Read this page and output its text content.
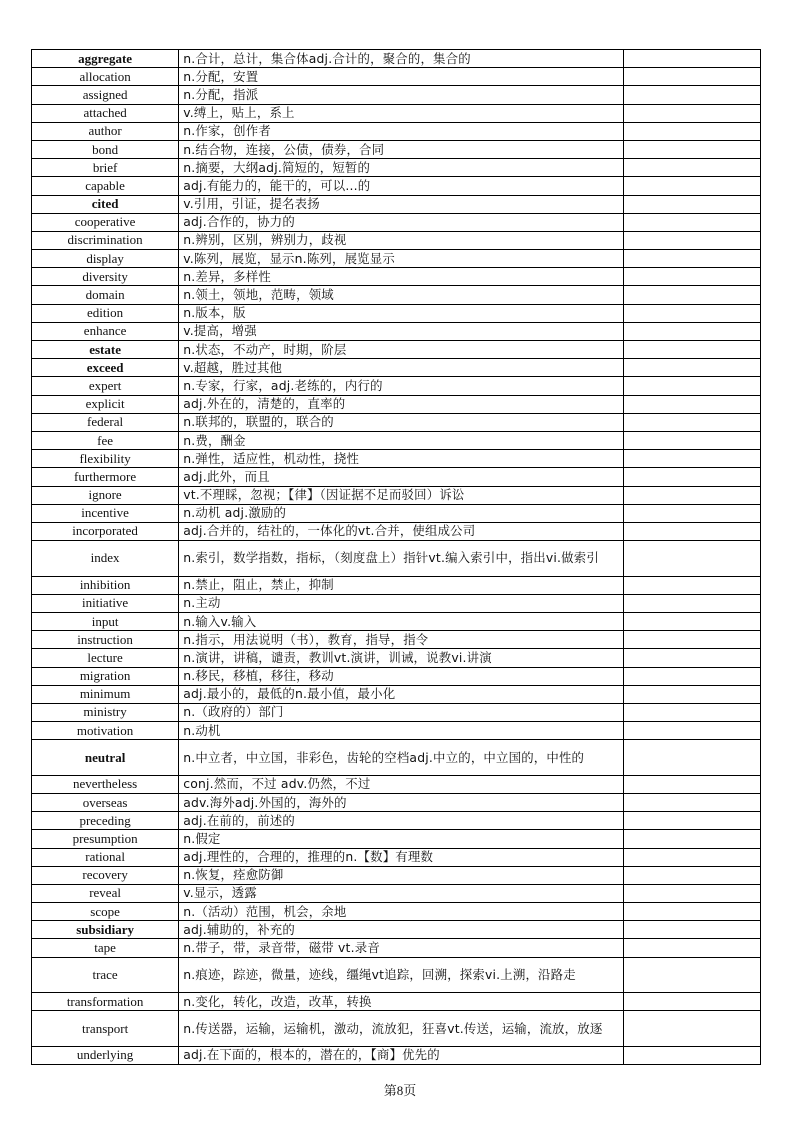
aggregate	n.合计，总计，集合体adj.合计的，聚合的，集合的	
allocation	n.分配，安置	
assigned	n.分配，指派	
attached	v.缚上，贴上，系上	
author	n.作家，创作者	
bond	n.结合物，连接，公债，债券，合同	
brief	n.摘要，大纲adj.简短的，短暂的	
capable	adj.有能力的，能干的，可以...的	
cited	v.引用，引证，提名表扬	
cooperative	adj.合作的，协力的	
discrimination	n.辨别，区别，辨别力，歧视	
display	v.陈列，展览，显示n.陈列，展览显示	
diversity	n.差异，多样性	
domain	n.领土，领地，范畴，领域	
edition	n.版本，版	
enhance	v.提高，增强	
estate	n.状态，不动产，时期，阶层	
exceed	v.超越，胜过其他	
expert	n.专家，行家，adj.老练的，内行的	
explicit	adj.外在的，清楚的，直率的	
federal	n.联邦的，联盟的，联合的	
fee	n.费，酬金	
flexibility	n.弹性，适应性，机动性，挠性	
furthermore	adj.此外，而且	
ignore	vt.不理睬，忽视；【律】（因证据不足而驳回）诉讼	
incentive	n.动机 adj.激励的	
incorporated	adj.合并的，结社的，一体化的vt.合并，使组成公司	
index	n.索引，数学指数，指标，（刻度盘上）指针vt.编入索引中，指出vi.做索引	
inhibition	n.禁止，阻止，禁止，抑制	
initiative	n.主动	
input	n.输入v.输入	
instruction	n.指示，用法说明（书），教育，指导，指令	
lecture	n.演讲，讲稿，谴责，教训vt.演讲，训诫，说教vi.讲演	
migration	n.移民，移植，移往，移动	
minimum	adj.最小的，最低的n.最小值，最小化	
ministry	n.（政府的）部门	
motivation	n.动机	
neutral	n.中立者，中立国，非彩色，齿轮的空档adj.中立的，中立国的，中性的	
nevertheless	conj.然而，不过 adv.仍然，不过	
overseas	adv.海外adj.外国的，海外的	
preceding	adj.在前的，前述的	
presumption	n.假定	
rational	adj.理性的，合理的，推理的n.【数】有理数	
recovery	n.恢复，痊愈防御	
reveal	v.显示，透露	
scope	n.（活动）范围，机会，余地	
subsidiary	adj.辅助的，补充的	
tape	n.带子，带，录音带，磁带 vt.录音	
trace	n.痕迹，踪迹，微量，迹线，缰绳vt追踪，回溯，探索vi.上溯，沿路走	
transformation	n.变化，转化，改造，改革，转换	
transport	n.传送器，运输，运输机，激动，流放犯，狂喜vt.传送，运输，流放，放逐	
underlying	adj.在下面的，根本的，潜在的，【商】优先的	
第8页
